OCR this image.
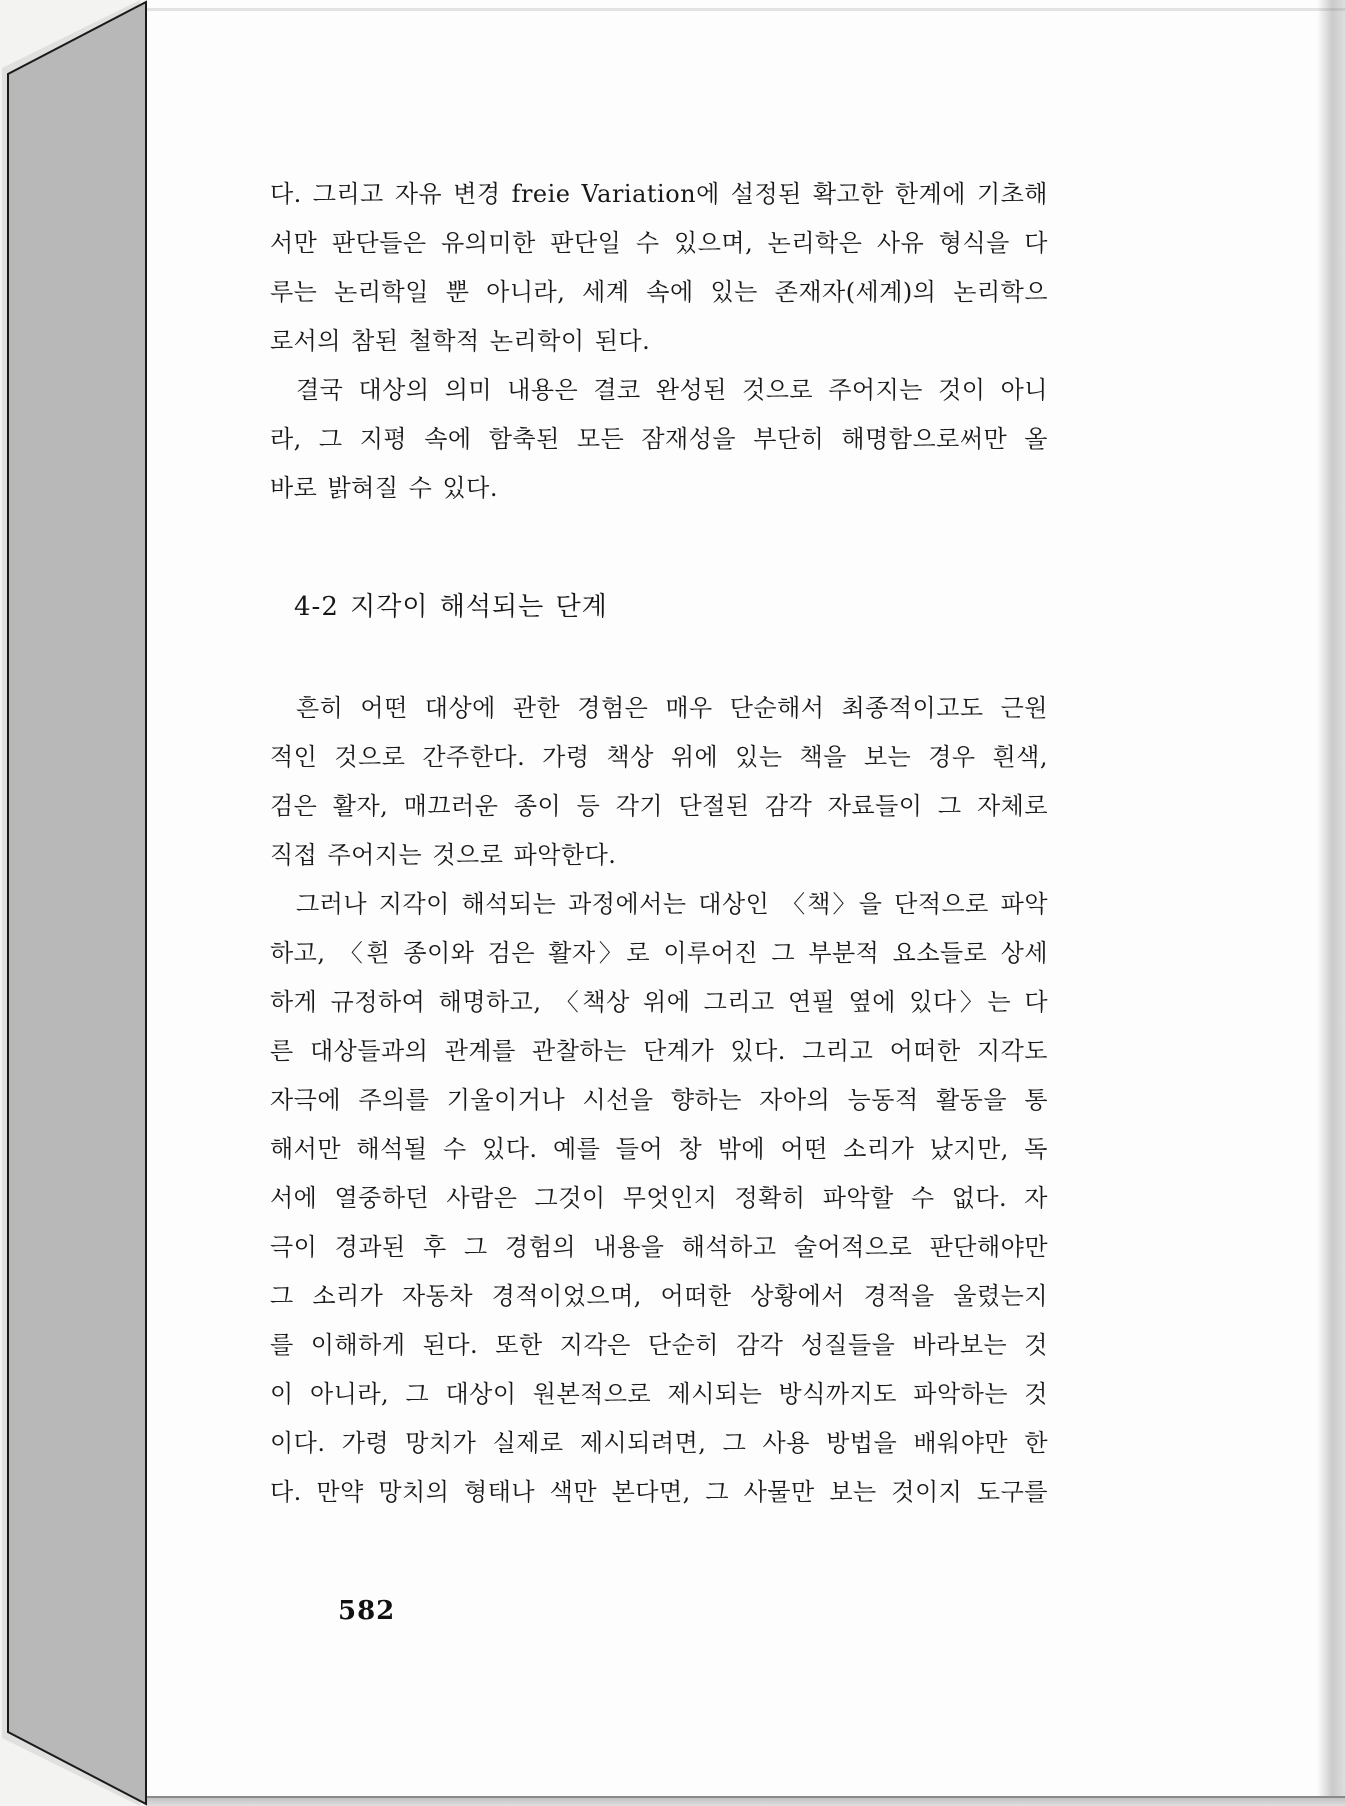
다. 그리고 자유 변경 freie Variation에 설정된 확고한 한계에 기초해
서만 판단들은 유의미한 판단일 수 있으며, 논리학은 사유 형식을 다
루는 논리학일 뿐 아니라, 세계 속에 있는 존재자(세계)의 논리학으
로서의 참된 철학적 논리학이 된다.
결국 대상의 의미 내용은 결코 완성된 것으로 주어지는 것이 아니
라, 그 지평 속에 함축된 모든 잠재성을 부단히 해명함으로써만 올
바로 밝혀질 수 있다.
4-2 지각이 해석되는 단계
흔히 어떤 대상에 관한 경험은 매우 단순해서 최종적이고도 근원
적인 것으로 간주한다. 가령 책상 위에 있는 책을 보는 경우 흰색,
검은 활자, 매끄러운 종이 등 각기 단절된 감각 자료들이 그 자체로
직접 주어지는 것으로 파악한다.
그러나 지각이 해석되는 과정에서는 대상인 〈책〉을 단적으로 파악
하고, 〈흰 종이와 검은 활자〉로 이루어진 그 부분적 요소들로 상세
하게 규정하여 해명하고, 〈책상 위에 그리고 연필 옆에 있다〉는 다
른 대상들과의 관계를 관찰하는 단계가 있다. 그리고 어떠한 지각도
자극에 주의를 기울이거나 시선을 향하는 자아의 능동적 활동을 통
해서만 해석될 수 있다. 예를 들어 창 밖에 어떤 소리가 났지만, 독
서에 열중하던 사람은 그것이 무엇인지 정확히 파악할 수 없다. 자
극이 경과된 후 그 경험의 내용을 해석하고 술어적으로 판단해야만
그 소리가 자동차 경적이었으며, 어떠한 상황에서 경적을 울렸는지
를 이해하게 된다. 또한 지각은 단순히 감각 성질들을 바라보는 것
이 아니라, 그 대상이 원본적으로 제시되는 방식까지도 파악하는 것
이다. 가령 망치가 실제로 제시되려면, 그 사용 방법을 배워야만 한
다. 만약 망치의 형태나 색만 본다면, 그 사물만 보는 것이지 도구를
582
